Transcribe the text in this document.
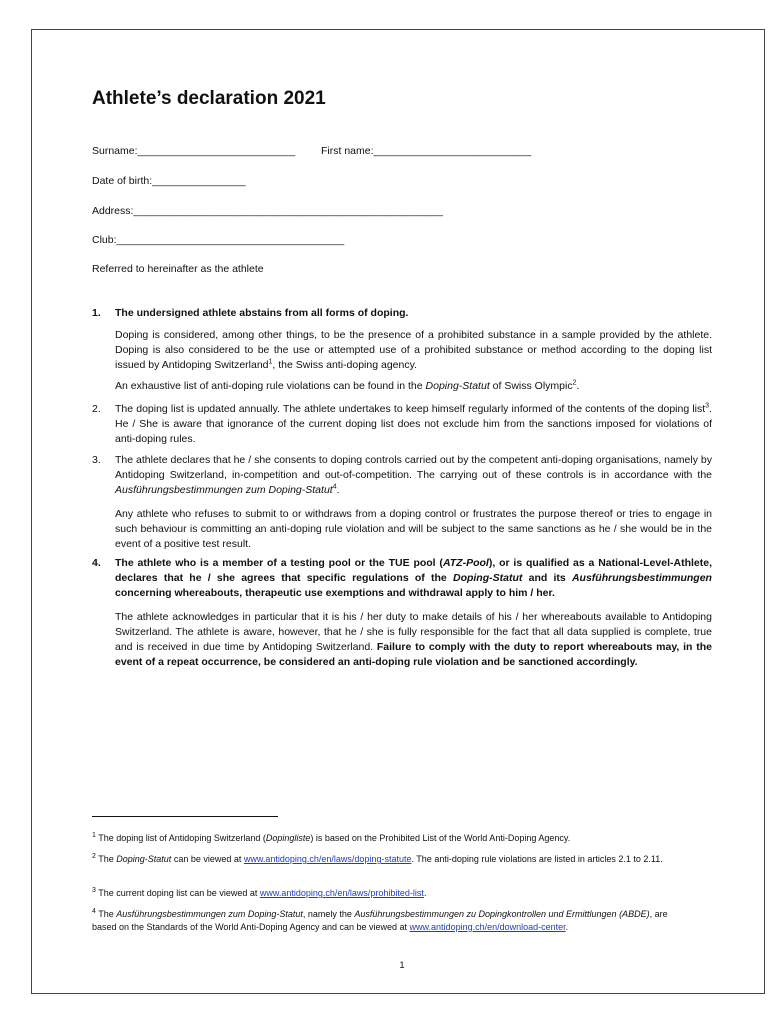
Athlete’s declaration 2021
Surname:___________________________ First name:___________________________
Date of birth:________________
Address:_____________________________________________________
Club:_______________________________________
Referred to hereinafter as the athlete
1.	The undersigned athlete abstains from all forms of doping.

Doping is considered, among other things, to be the presence of a prohibited substance in a sample provided by the athlete. Doping is also considered to be the use or attempted use of a prohibited substance or method according to the doping list issued by Antidoping Switzerland$^1$, the Swiss anti-doping agency.

An exhaustive list of anti-doping rule violations can be found in the Doping-Statut of Swiss Olympic$^2$.

2.	The doping list is updated annually. The athlete undertakes to keep himself regularly informed of the contents of the doping list$^3$. He / She is aware that ignorance of the current doping list does not exclude him from the sanctions imposed for violations of anti-doping rules.

3.	The athlete declares that he / she consents to doping controls carried out by the competent anti-doping organisations, namely by Antidoping Switzerland, in-competition and out-of-competition. The carrying out of these controls is in accordance with the Ausführungsbestimmungen zum Doping-Statut$^4$.

Any athlete who refuses to submit to or withdraws from a doping control or frustrates the purpose thereof or tries to engage in such behaviour is committing an anti-doping rule violation and will be subject to the same sanctions as he / she would be in the event of a positive test result.

4.	The athlete who is a member of a testing pool or the TUE pool (ATZ-Pool), or is qualified as a National-Level-Athlete, declares that he / she agrees that specific regulations of the Doping-Statut and its Ausführungsbestimmungen concerning whereabouts, therapeutic use exemptions and withdrawal apply to him / her.

The athlete acknowledges in particular that it is his / her duty to make details of his / her whereabouts available to Antidoping Switzerland. The athlete is aware, however, that he / she is fully responsible for the fact that all data supplied is complete, true and is received in due time by Antidoping Switzerland. Failure to comply with the duty to report whereabouts may, in the event of a repeat occurrence, be considered an anti-doping rule violation and be sanctioned accordingly.

$^1$ The doping list of Antidoping Switzerland (Dopingliste) is based on the Prohibited List of the World Anti-Doping Agency.
$^2$ The Doping-Statut can be viewed at www.antidoping.ch/en/laws/doping-statute. The anti-doping rule violations are listed in articles 2.1 to 2.11.
$^3$ The current doping list can be viewed at www.antidoping.ch/en/laws/prohibited-list.
$^4$ The Ausführungsbestimmungen zum Doping-Statut, namely the Ausführungsbestimmungen zu Dopingkontrollen und Ermittlungen (ABDE), are based on the Standards of the World Anti-Doping Agency and can be viewed at www.antidoping.ch/en/download-center.
1
